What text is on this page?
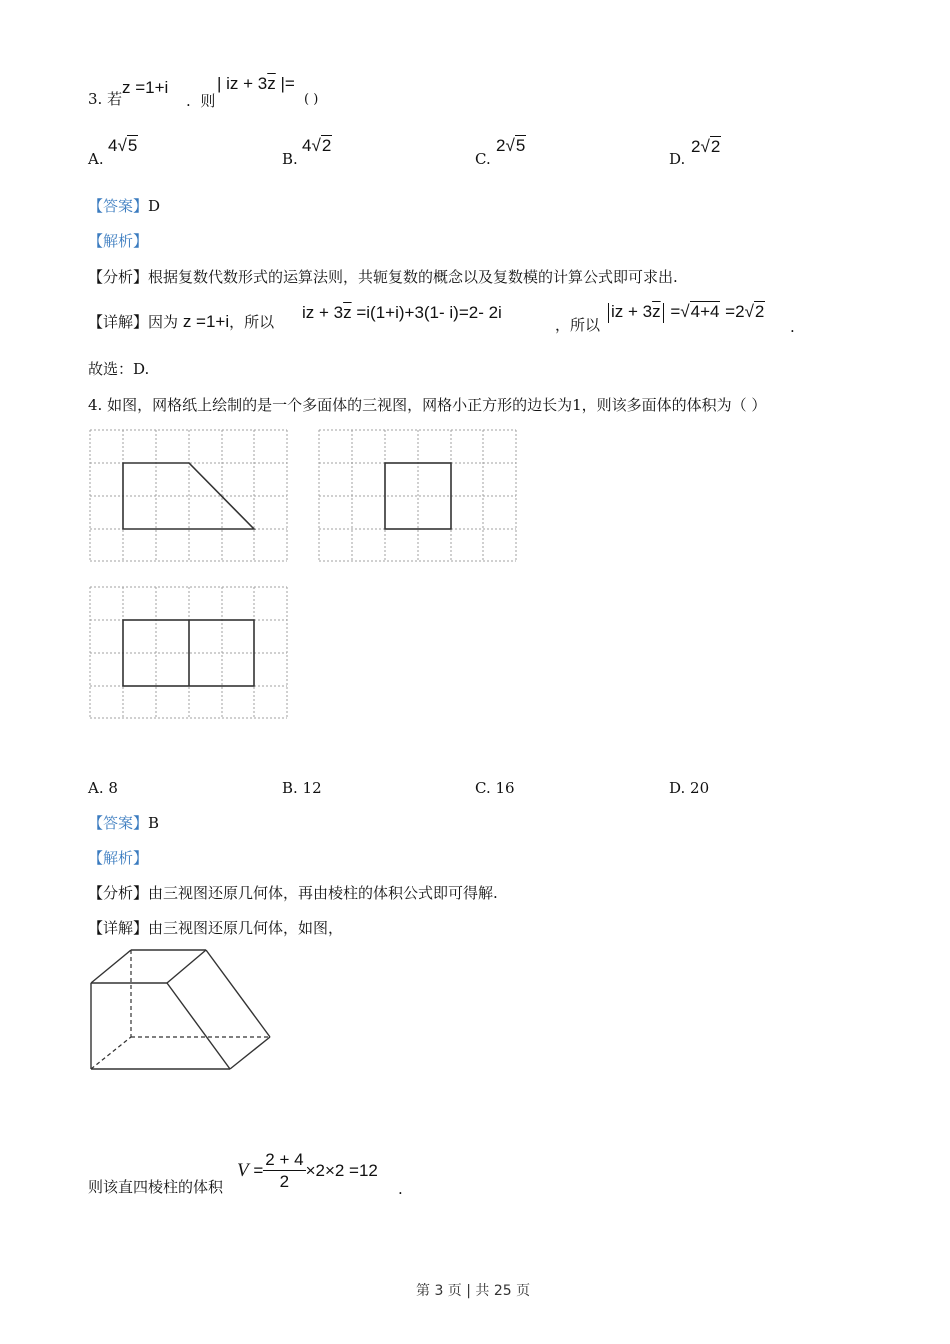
3. 若
z =1+i
. 则
| iz + $3\overline{z}$ |=
( )
A.
4√5
B.
4√2
C.
2√5
D.
2√2
【答案】D
【解析】
【分析】根据复数代数形式的运算法则，共轭复数的概念以及复数模的计算公式即可求出.
【详解】因为 z =1+i，所以 iz + $3\overline{z} =i(1+i)+3(1-$ i)=2- 2i
，所以
iz + $3\overline{z} =√4+4 =2√2$
.
故选：D.
4. 如图，网格纸上绘制的是一个多面体的三视图，网格小正方形的边长为1，则该多面体的体积为（ ）
A. 8	B. 12	C. 16	D. 20
【答案】B
【解析】
【分析】由三视图还原几何体，再由棱柱的体积公式即可得解.
【详解】由三视图还原几何体，如图，
则该直四棱柱的体积
$V = \frac{2 + 4}{2} \times 2\times 2 =12$
.
第 3 页 | 共 25 页
